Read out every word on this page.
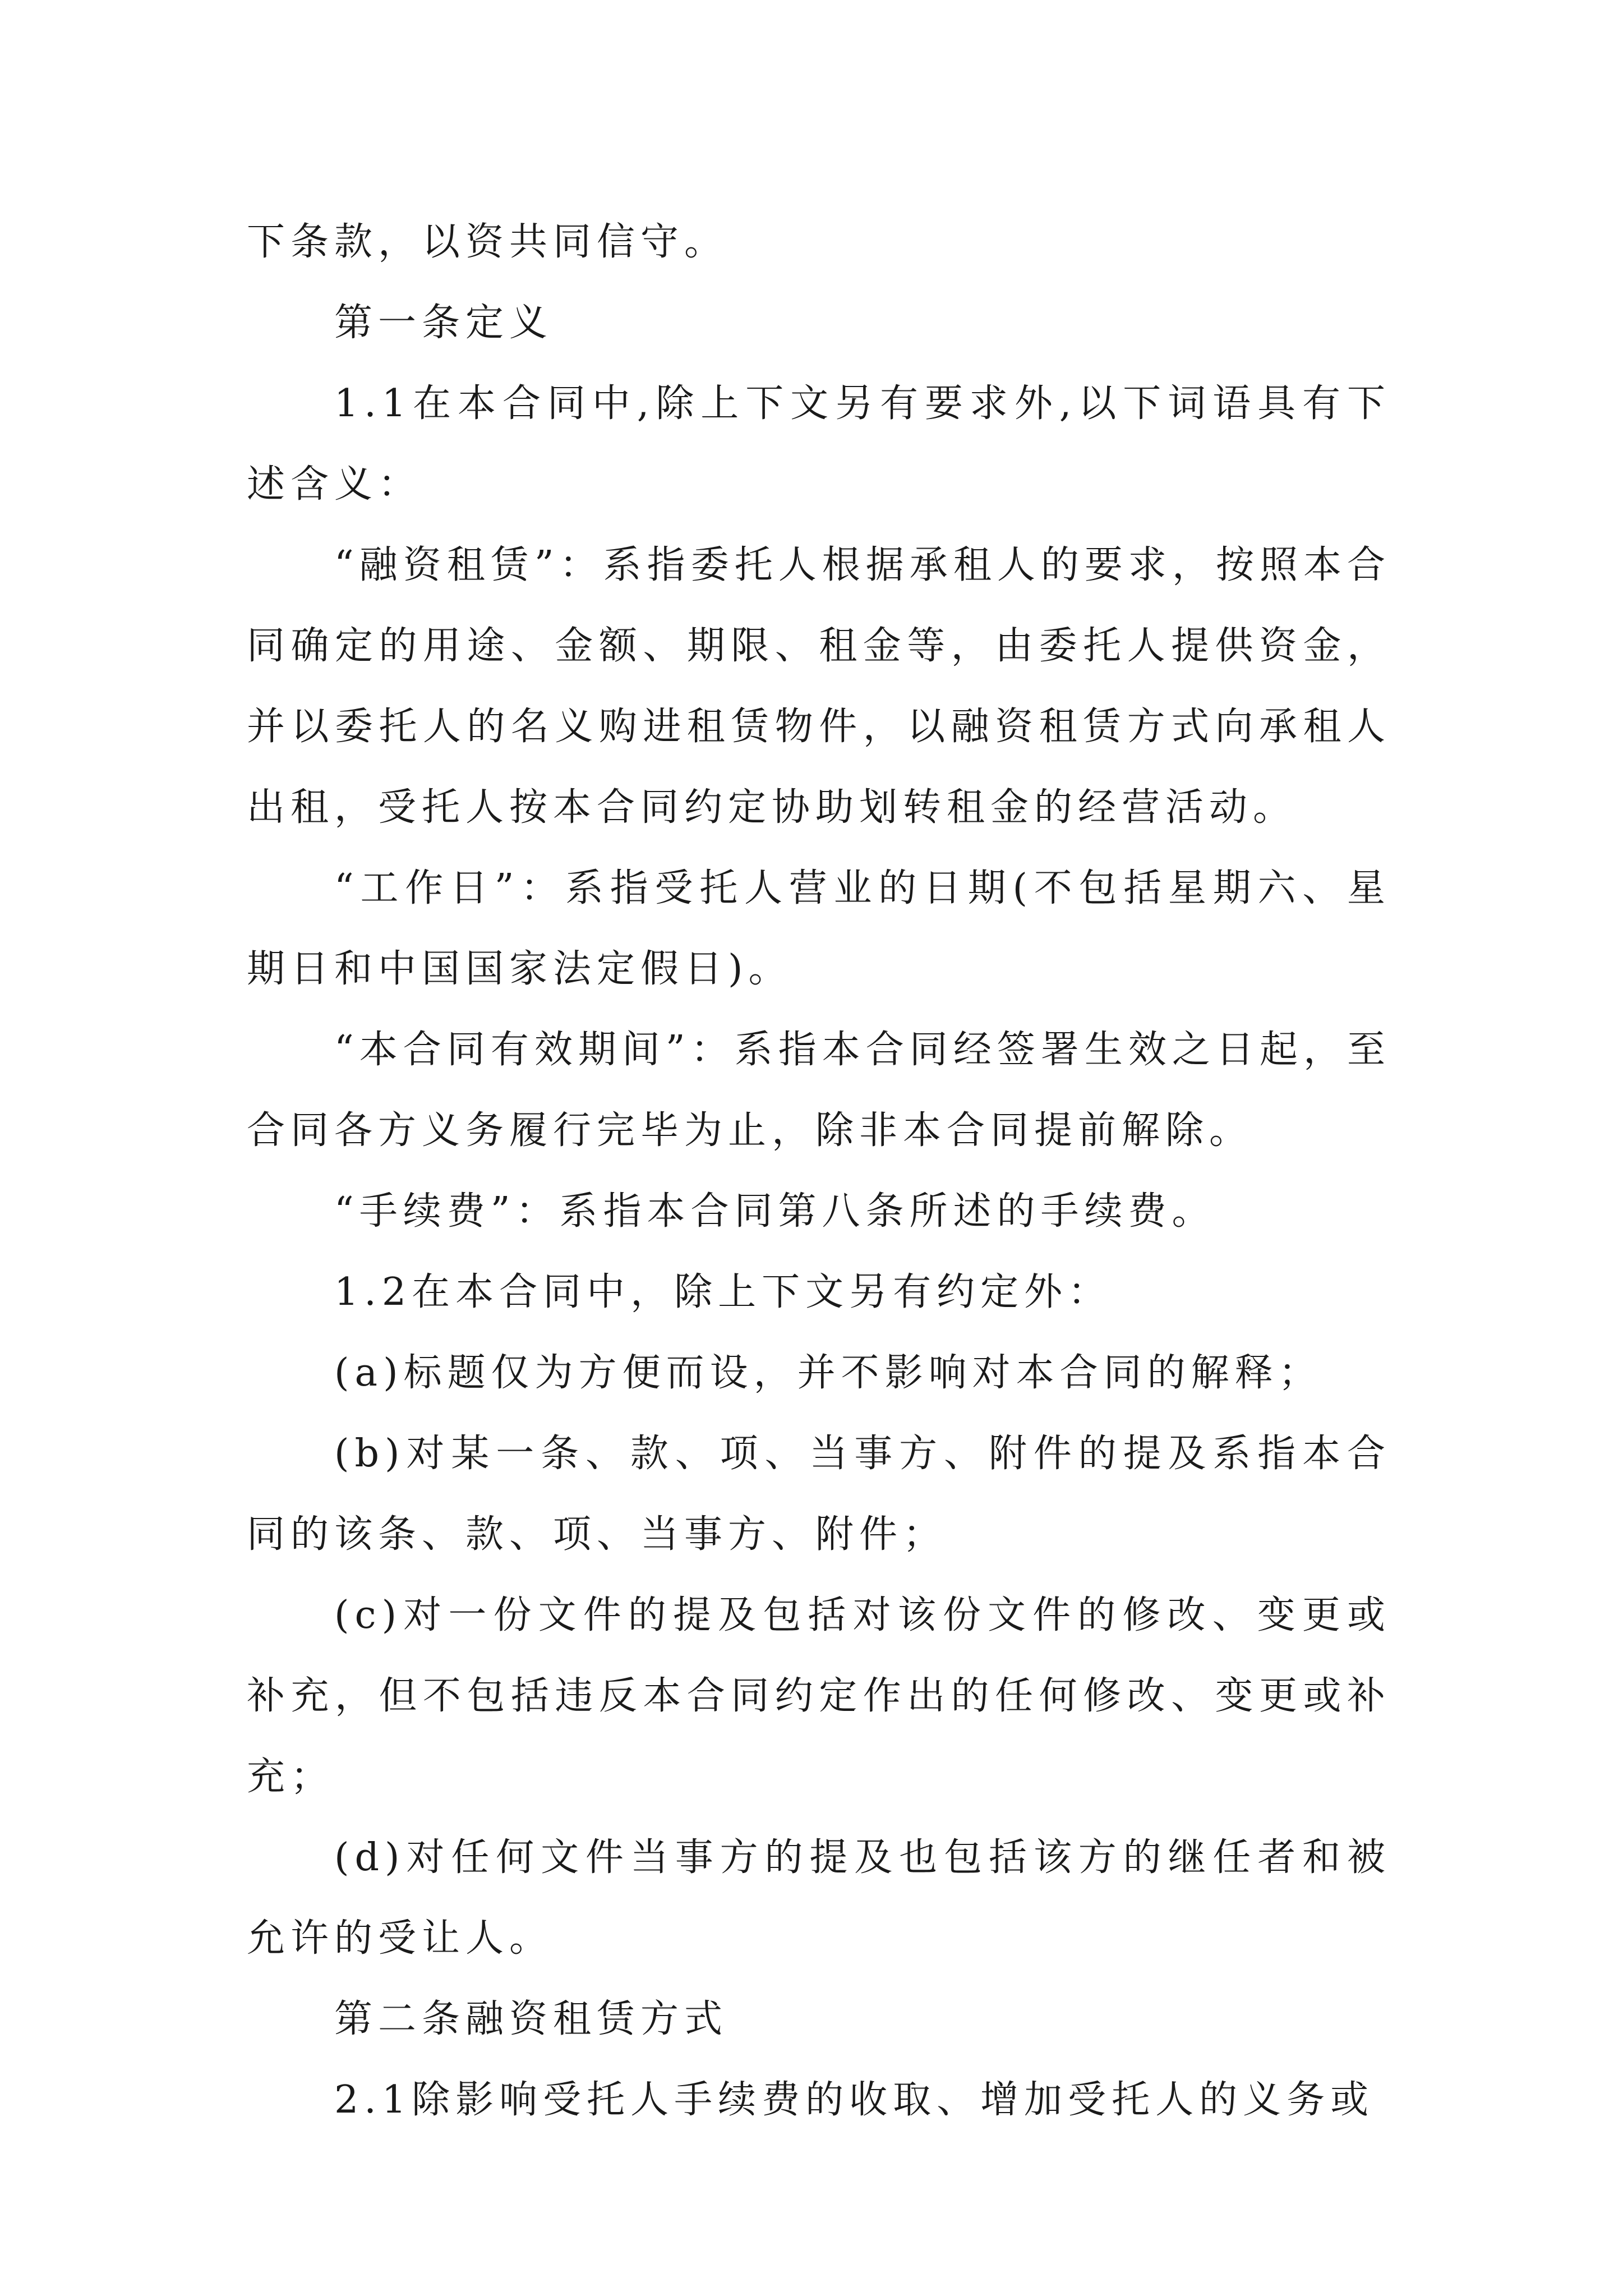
下条款，以资共同信守。

第一条定义

1.1在本合同中,除上下文另有要求外,以下词语具有下述含义：

“融资租赁”：系指委托人根据承租人的要求，按照本合同确定的用途、金额、期限、租金等，由委托人提供资金，并以委托人的名义购进租赁物件，以融资租赁方式向承租人出租，受托人按本合同约定协助划转租金的经营活动。

“工作日”：系指受托人营业的日期(不包括星期六、星期日和中国国家法定假日)。

“本合同有效期间”：系指本合同经签署生效之日起，至合同各方义务履行完毕为止，除非本合同提前解除。

“手续费”：系指本合同第八条所述的手续费。

1.2在本合同中，除上下文另有约定外：

(a)标题仅为方便而设，并不影响对本合同的解释；

(b)对某一条、款、项、当事方、附件的提及系指本合同的该条、款、项、当事方、附件；

(c)对一份文件的提及包括对该份文件的修改、变更或补充，但不包括违反本合同约定作出的任何修改、变更或补充；

(d)对任何文件当事方的提及也包括该方的继任者和被允许的受让人。

第二条融资租赁方式

2.1除影响受托人手续费的收取、增加受托人的义务或
